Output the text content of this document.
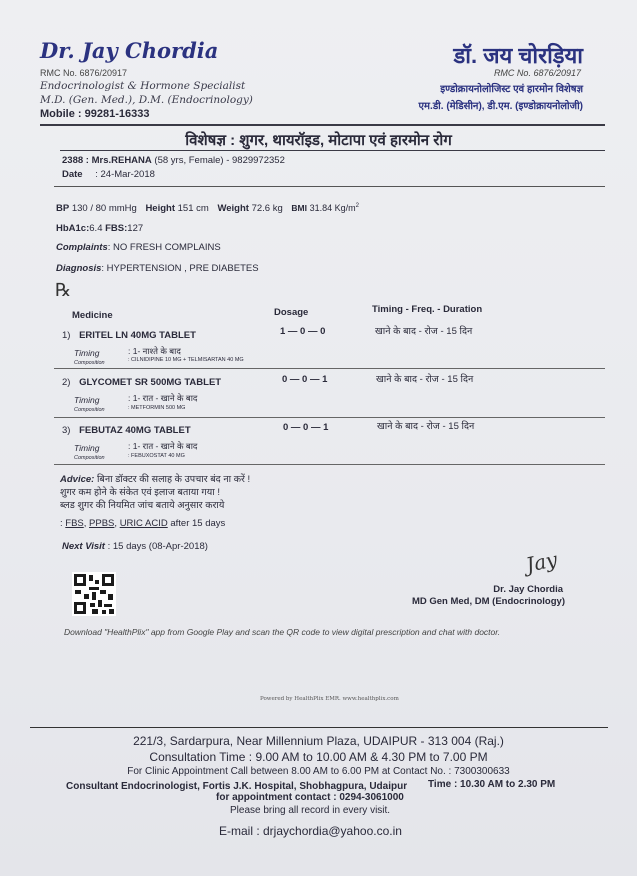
Dr. Jay Chordia
RMC No. 6876/20917
Endocrinologist & Hormone Specialist
M.D. (Gen. Med.), D.M. (Endocrinology)
Mobile : 99281-16333
डॉ. जय चोरड़िया
RMC No. 6876/20917
इण्डोक्रायनोलोजिस्ट एवं हारमोन विशेषज्ञ
एम.डी. (मेडिसीन), डी.एम. (इण्डोक्रायनोलोजी)
विशेषज्ञ : शुगर, थायरॉइड, मोटापा एवं हारमोन रोग
2388 : Mrs.REHANA (58 yrs, Female) - 9829972352
Date : 24-Mar-2018
BP 130 / 80 mmHg Height 151 cm Weight 72.6 kg BMI 31.84 $Kg/m^2$
HbA1c:6.4 FBS:127
Complaints: NO FRESH COMPLAINS
Diagnosis: HYPERTENSION , PRE DIABETES
℞
Medicine	Dosage	Timing - Freq. - Duration
1) ERITEL LN 40MG TABLET	1 — 0 — 0	खाने के बाद - रोज - 15 दिन
Timing	: 1- नाश्ते के बाद
Composition	: CILNIDIPINE 10 MG + TELMISARTAN 40 MG
2) GLYCOMET SR 500MG TABLET	0 — 0 — 1	खाने के बाद - रोज - 15 दिन
Timing	: 1- रात - खाने के बाद
Composition	: METFORMIN 500 MG
3) FEBUTAZ 40MG TABLET	0 — 0 — 1	खाने के बाद - रोज - 15 दिन
Timing	: 1- रात - खाने के बाद
Composition	: FEBUXOSTAT 40 MG
Advice: बिना डॉक्टर की सलाह के उपचार बंद ना करें !
शुगर कम होने के संकेत एवं इलाज बताया गया !
ब्लड शुगर की नियमित जांच बताये अनुसार कराये
: FBS, PPBS, URIC ACID after 15 days
Next Visit : 15 days (08-Apr-2018)
Jay
Dr. Jay Chordia
MD Gen Med, DM (Endocrinology)
Download "HealthPlix" app from Google Play and scan the QR code to view digital prescription and chat with doctor.
Powered by HealthPlix EMR. www.healthplix.com
221/3, Sardarpura, Near Millennium Plaza, UDAIPUR - 313 004 (Raj.)
Consultation Time : 9.00 AM to 10.00 AM & 4.30 PM to 7.00 PM
For Clinic Appointment Call between 8.00 AM to 6.00 PM at Contact No. : 7300300633
Consultant Endocrinologist, Fortis J.K. Hospital, Shobhagpura, Udaipur Time : 10.30 AM to 2.30 PM
for appointment contact : 0294-3061000
Please bring all record in every visit.
E-mail : drjaychordia@yahoo.co.in
